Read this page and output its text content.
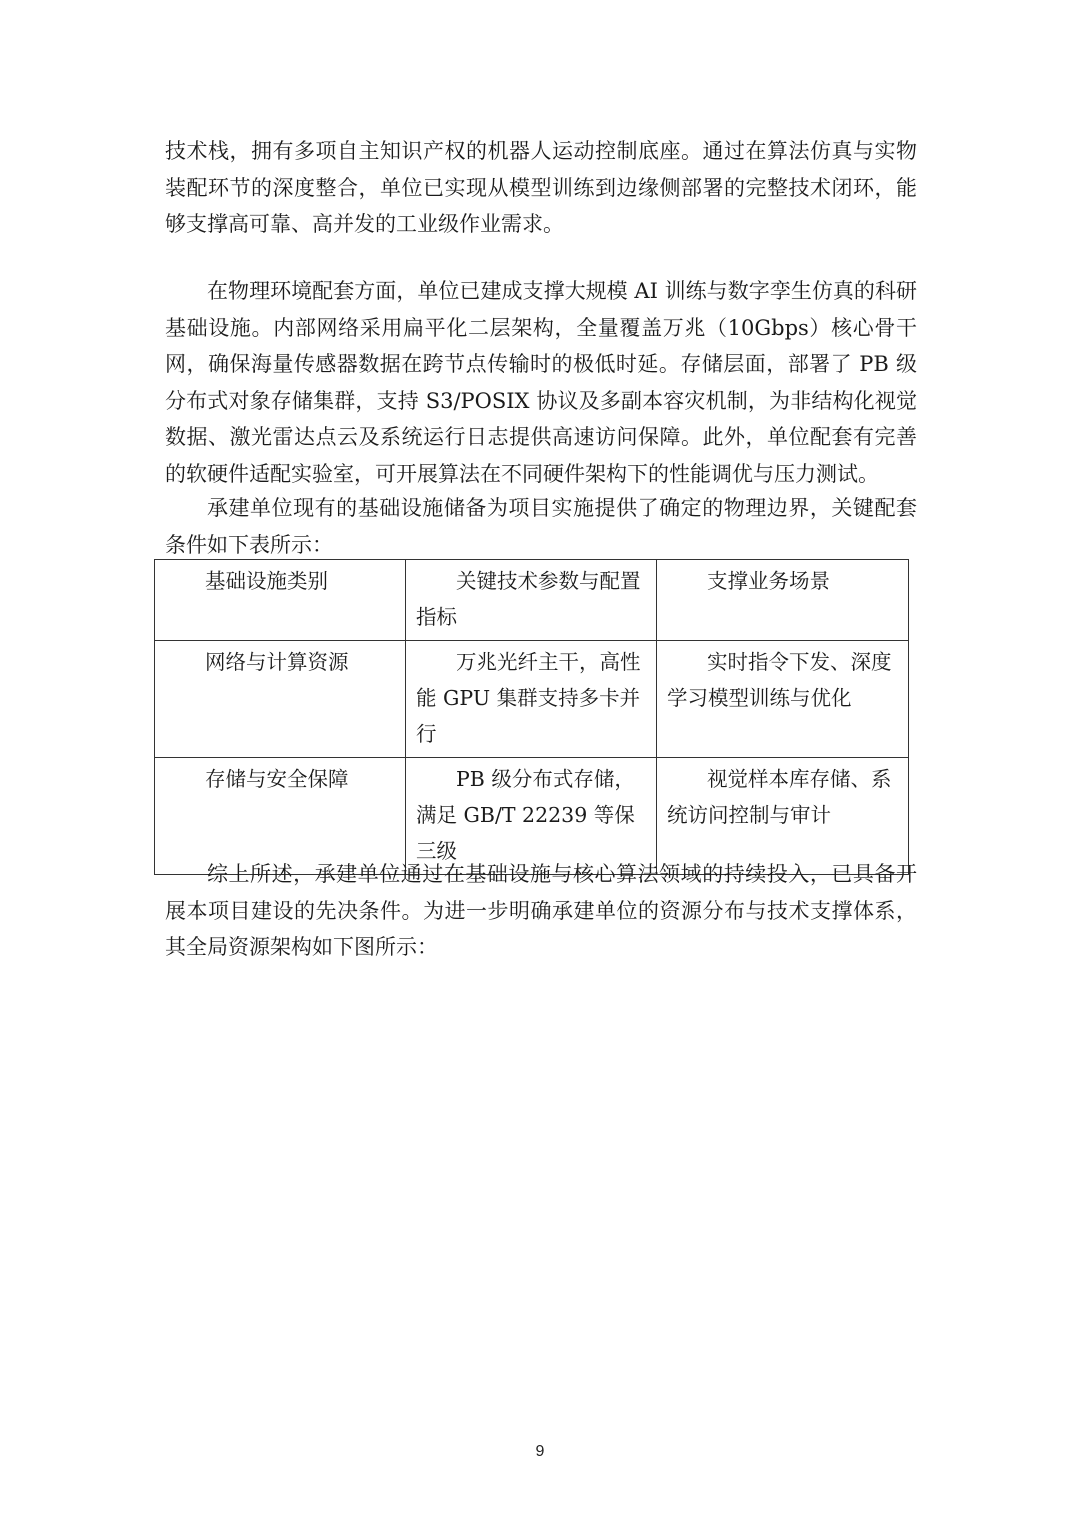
技术栈，拥有多项自主知识产权的机器人运动控制底座。通过在算法仿真与实物装配环节的深度整合，单位已实现从模型训练到边缘侧部署的完整技术闭环，能够支撑高可靠、高并发的工业级作业需求。

在物理环境配套方面，单位已建成支撑大规模 AI 训练与数字孪生仿真的科研基础设施。内部网络采用扁平化二层架构，全量覆盖万兆（10Gbps）核心骨干网，确保海量传感器数据在跨节点传输时的极低时延。存储层面，部署了 PB 级分布式对象存储集群，支持 S3/POSIX 协议及多副本容灾机制，为非结构化视觉数据、激光雷达点云及系统运行日志提供高速访问保障。此外，单位配套有完善的软硬件适配实验室，可开展算法在不同硬件架构下的性能调优与压力测试。

承建单位现有的基础设施储备为项目实施提供了确定的物理边界，关键配套条件如下表所示：

基础设施类别	关键技术参数与配置指标	支撑业务场景
网络与计算资源	万兆光纤主干，高性能 GPU 集群支持多卡并行	实时指令下发、深度学习模型训练与优化
存储与安全保障	PB 级分布式存储，满足 GB/T 22239 等保三级	视觉样本库存储、系统访问控制与审计

综上所述，承建单位通过在基础设施与核心算法领域的持续投入，已具备开展本项目建设的先决条件。为进一步明确承建单位的资源分布与技术支撑体系，其全局资源架构如下图所示：

9
